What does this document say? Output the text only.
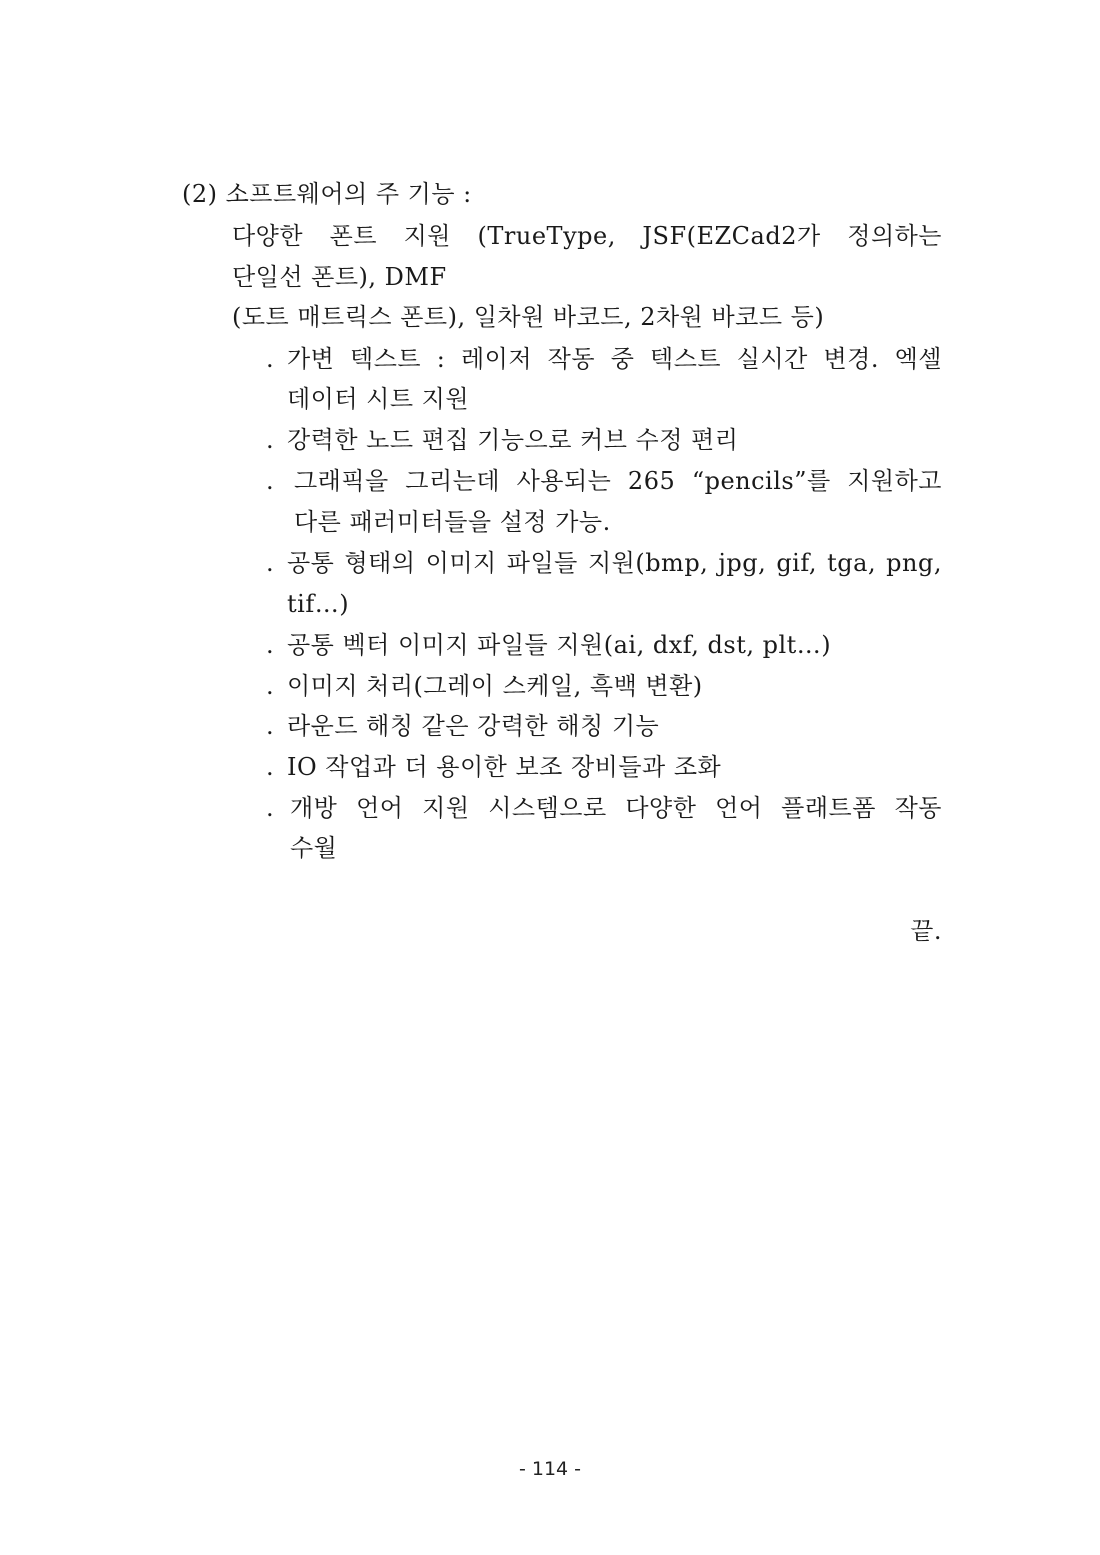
(2) 소프트웨어의 주 기능 :
다양한 폰트 지원 (TrueType, JSF(EZCad2가 정의하는
단일선 폰트), DMF
(도트 매트릭스 폰트), 일차원 바코드, 2차원 바코드 등)
. 가변 텍스트 : 레이저 작동 중 텍스트 실시간 변경. 엑셀
데이터 시트 지원
. 강력한 노드 편집 기능으로 커브 수정 편리
. 그래픽을 그리는데 사용되는 265 “pencils”를 지원하고
다른 패러미터들을 설정 가능.
. 공통 형태의 이미지 파일들 지원(bmp, jpg, gif, tga, png,
tif…)
. 공통 벡터 이미지 파일들 지원(ai, dxf, dst, plt…)
. 이미지 처리(그레이 스케일, 흑백 변환)
. 라운드 해칭 같은 강력한 해칭 기능
. IO 작업과 더 용이한 보조 장비들과 조화
. 개방 언어 지원 시스템으로 다양한 언어 플래트폼 작동
수월
끝.
- 114 -
